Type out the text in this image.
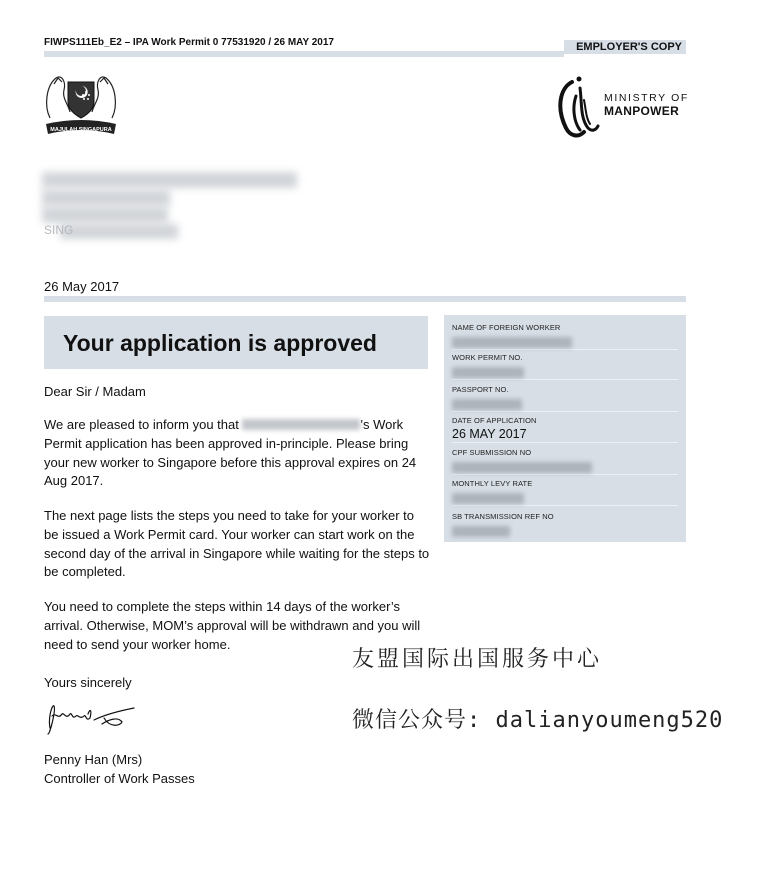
FIWPS111Eb_E2 – IPA Work Permit 0 77531920 / 26 MAY 2017	EMPLOYER'S COPY
MAJULAH SINGAPURA
MINISTRY OF
MANPOWER
SING
26 May 2017
Your application is approved
Dear Sir / Madam
We are pleased to inform you that	's Work Permit application has been approved in-principle. Please bring your new worker to Singapore before this approval expires on 24 Aug 2017.
The next page lists the steps you need to take for your worker to be issued a Work Permit card. Your worker can start work on the second day of the arrival in Singapore while waiting for the steps to be completed.
You need to complete the steps within 14 days of the worker’s arrival. Otherwise, MOM’s approval will be withdrawn and you will need to send your worker home.
Yours sincerely
Penny Han (Mrs)
Controller of Work Passes
NAME OF FOREIGN WORKER
WORK PERMIT NO.
PASSPORT NO.
DATE OF APPLICATION
26 MAY 2017
CPF SUBMISSION NO
MONTHLY LEVY RATE
SB TRANSMISSION REF NO
友盟国际出国服务中心
微信公众号: dalianyoumeng520
